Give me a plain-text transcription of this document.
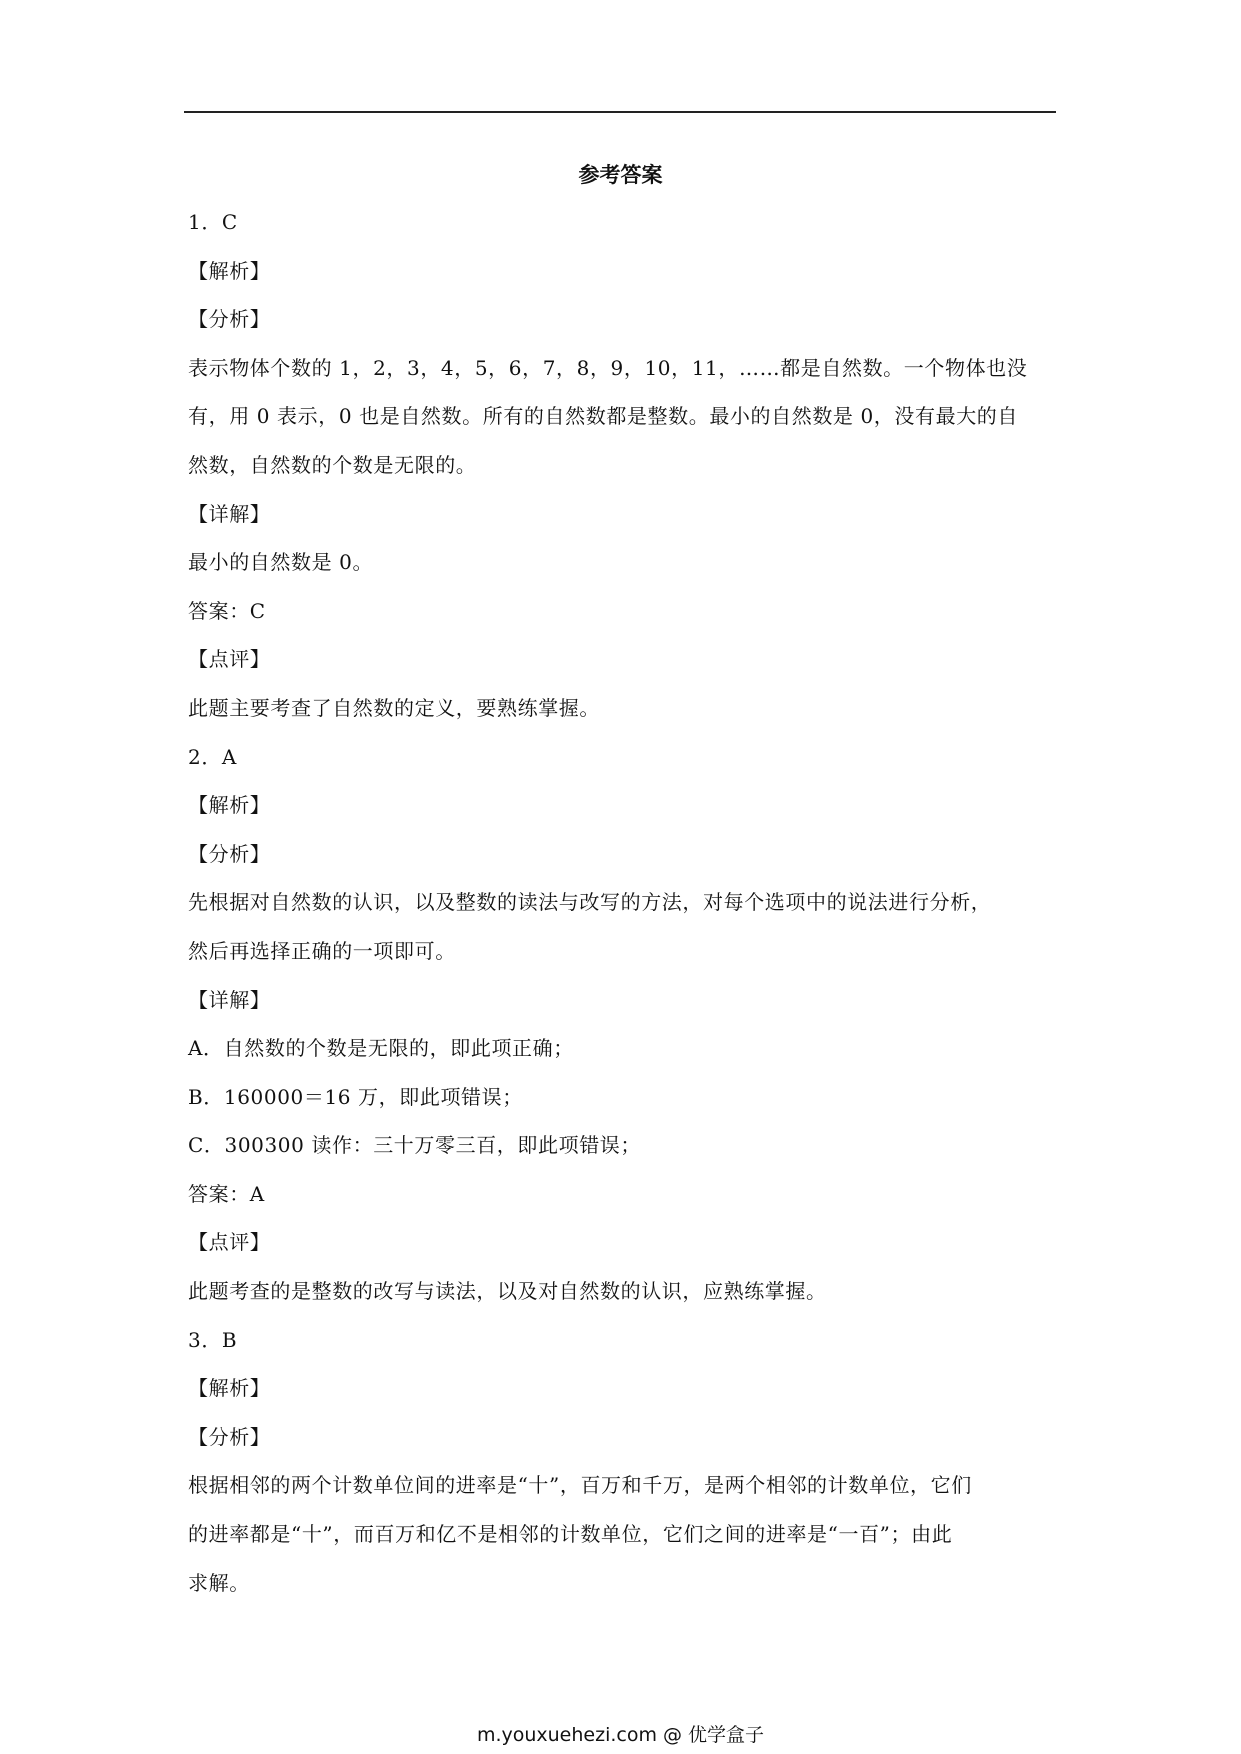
参考答案
1．C
【解析】
【分析】
表示物体个数的 1，2，3，4，5，6，7，8，9，10，11，……都是自然数。一个物体也没
有，用 0 表示，0 也是自然数。所有的自然数都是整数。最小的自然数是 0，没有最大的自
然数，自然数的个数是无限的。
【详解】
最小的自然数是 0。
答案：C
【点评】
此题主要考查了自然数的定义，要熟练掌握。
2．A
【解析】
【分析】
先根据对自然数的认识，以及整数的读法与改写的方法，对每个选项中的说法进行分析，
然后再选择正确的一项即可。
【详解】
A．自然数的个数是无限的，即此项正确；
B．160000＝16 万，即此项错误；
C．300300 读作：三十万零三百，即此项错误；
答案：A
【点评】
此题考查的是整数的改写与读法，以及对自然数的认识，应熟练掌握。
3．B
【解析】
【分析】
根据相邻的两个计数单位间的进率是“十”，百万和千万，是两个相邻的计数单位，它们
的进率都是“十”，而百万和亿不是相邻的计数单位，它们之间的进率是“一百”；由此
求解。
m.youxuehezi.com @ 优学盒子
